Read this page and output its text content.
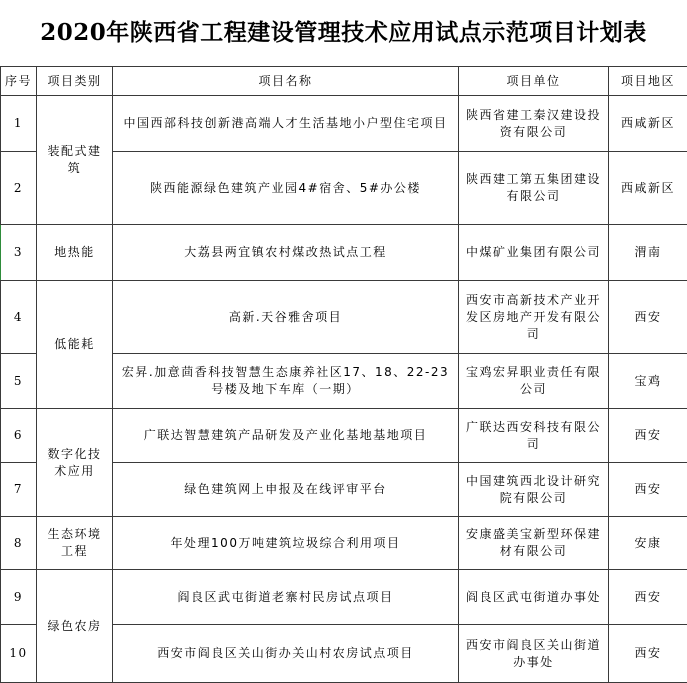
2020年陕西省工程建设管理技术应用试点示范项目计划表
序号	项目类别	项目名称	项目单位	项目地区
1	装配式建筑	中国西部科技创新港高端人才生活基地小户型住宅项目	陕西省建工秦汉建设投资有限公司	西咸新区
2		陕西能源绿色建筑产业园4#宿舍、5#办公楼	陕西建工第五集团建设有限公司	西咸新区
3	地热能	大荔县两宜镇农村煤改热试点工程	中煤矿业集团有限公司	渭南
4	低能耗	高新.天谷雅舍项目	西安市高新技术产业开发区房地产开发有限公司	西安
5		宏昇.加意茴香科技智慧生态康养社区17、18、22-23号楼及地下车库（一期）	宝鸡宏昇职业责任有限公司	宝鸡
6	数字化技术应用	广联达智慧建筑产品研发及产业化基地基地项目	广联达西安科技有限公司	西安
7		绿色建筑网上申报及在线评审平台	中国建筑西北设计研究院有限公司	西安
8	生态环境工程	年处理100万吨建筑垃圾综合利用项目	安康盛美宝新型环保建材有限公司	安康
9	绿色农房	阎良区武屯街道老寨村民房试点项目	阎良区武屯街道办事处	西安
10		西安市阎良区关山街办关山村农房试点项目	西安市阎良区关山街道办事处	西安
